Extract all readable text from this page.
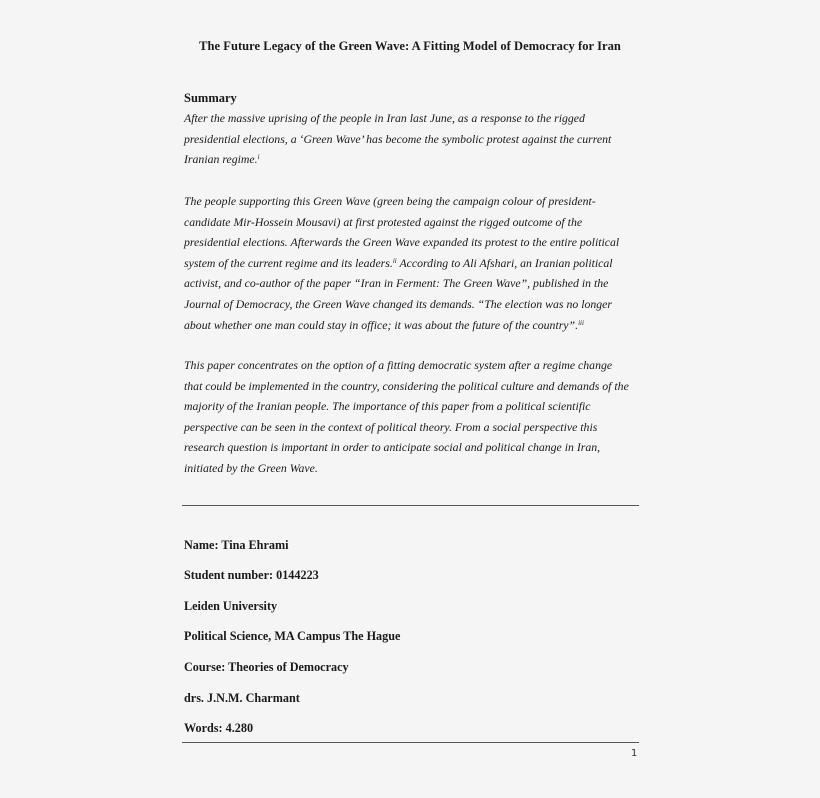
The Future Legacy of the Green Wave: A Fitting Model of Democracy for Iran
Summary
After the massive uprising of the people in Iran last June, as a response to the rigged
presidential elections, a ‘Green Wave’ has become the symbolic protest against the current
Iranian regime.$^i$
The people supporting this Green Wave (green being the campaign colour of president-
candidate Mir-Hossein Mousavi) at first protested against the rigged outcome of the
presidential elections. Afterwards the Green Wave expanded its protest to the entire political
system of the current regime and its leaders.$^{ii}$ According to Ali Afshari, an Iranian political
activist, and co-author of the paper “Iran in Ferment: The Green Wave”, published in the
Journal of Democracy, the Green Wave changed its demands. “The election was no longer
about whether one man could stay in office; it was about the future of the country”.$^{iii}$
This paper concentrates on the option of a fitting democratic system after a regime change
that could be implemented in the country, considering the political culture and demands of the
majority of the Iranian people. The importance of this paper from a political scientific
perspective can be seen in the context of political theory. From a social perspective this
research question is important in order to anticipate social and political change in Iran,
initiated by the Green Wave.
Name: Tina Ehrami
Student number: 0144223
Leiden University
Political Science, MA Campus The Hague
Course: Theories of Democracy
drs. J.N.M. Charmant
Words: 4.280
1
